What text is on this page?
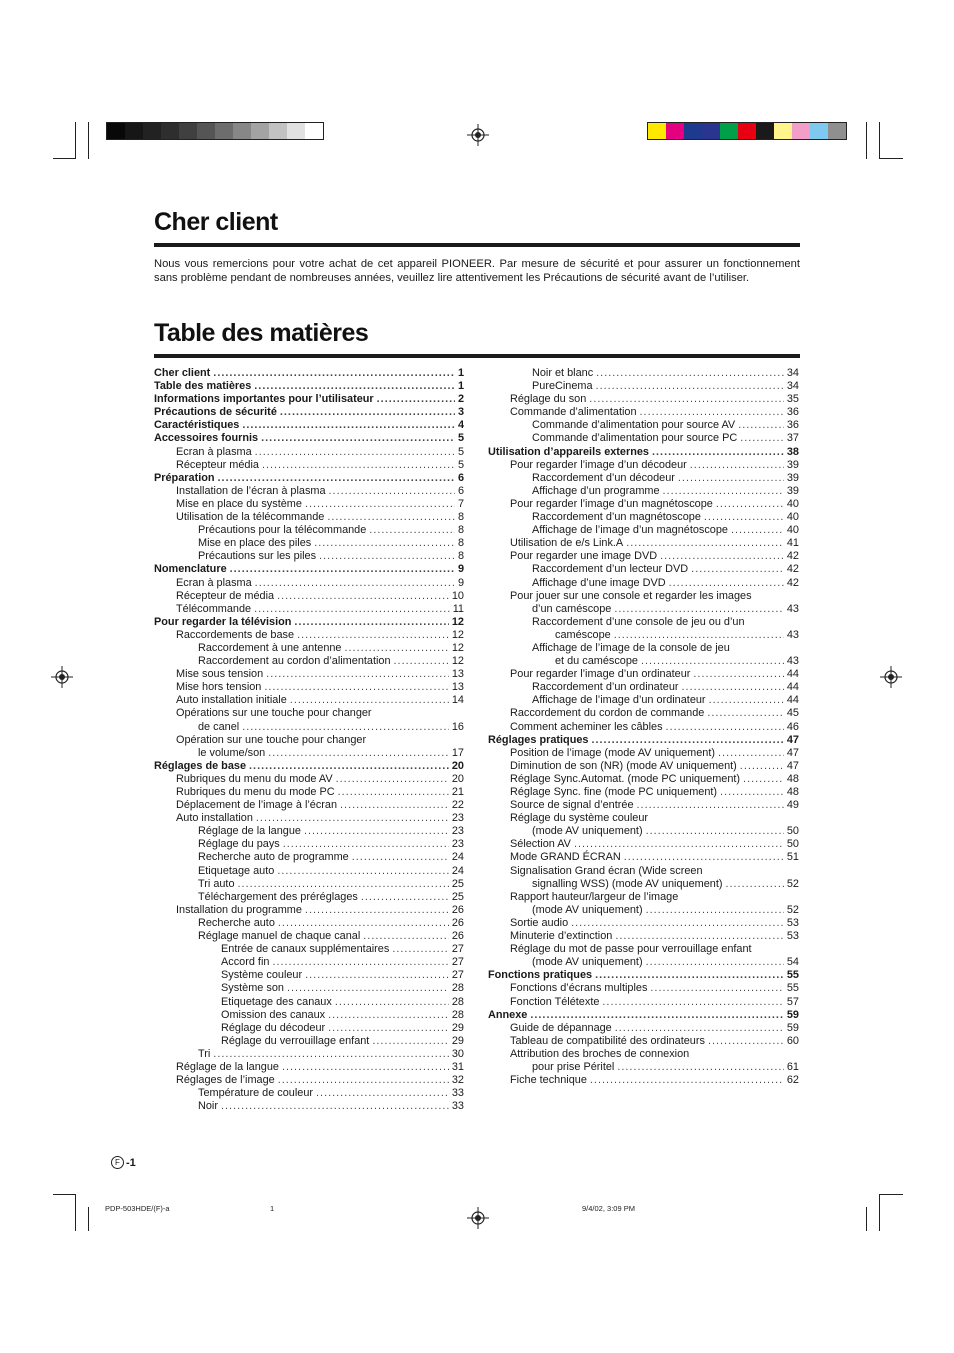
Cher client

Nous vous remercions pour votre achat de cet appareil PIONEER. Par mesure de sécurité et pour assurer un fonctionnement sans problème pendant de nombreuses années, veuillez lire attentivement les Précautions de sécurité avant de l’utiliser.

Table des matières
Cher client .....	1
Table des matières .....	1
Informations importantes pour l’utilisateur .....	2
Précautions de sécurité .....	3
Caractéristiques .....	4
Accessoires fournis .....	5
Ecran à plasma .....	5
Récepteur média .....	5
Préparation .....	6
Installation de l’écran à plasma .....	6
Mise en place du système .....	7
Utilisation de la télécommande .....	8
Précautions pour la télécommande .....	8
Mise en place des piles .....	8
Précautions sur les piles .....	8
Nomenclature .....	9
Ecran à plasma .....	9
Récepteur de média .....	10
Télécommande .....	11
Pour regarder la télévision .....	12
Raccordements de base .....	12
Raccordement à une antenne .....	12
Raccordement au cordon d’alimentation .....	12
Mise sous tension .....	13
Mise hors tension .....	13
Auto installation initiale .....	14
Opérations sur une touche pour changer
de canel .....	16
Opération sur une touche pour changer
le volume/son .....	17
Réglages de base .....	20
Rubriques du menu du mode AV .....	20
Rubriques du menu du mode PC .....	21
Déplacement de l’image à l’écran .....	22
Auto installation .....	23
Réglage de la langue .....	23
Réglage du pays .....	23
Recherche auto de programme .....	24
Etiquetage auto .....	24
Tri auto .....	25
Téléchargement des préréglages .....	25
Installation du programme .....	26
Recherche auto .....	26
Réglage manuel de chaque canal .....	26
Entrée de canaux supplémentaires .....	27
Accord fin .....	27
Système couleur .....	27
Système son .....	28
Etiquetage des canaux .....	28
Omission des canaux .....	28
Réglage du décodeur .....	29
Réglage du verrouillage enfant .....	29
Tri .....	30
Réglage de la langue .....	31
Réglages de l’image .....	32
Température de couleur .....	33
Noir .....	33
Noir et blanc .....	34
PureCinema .....	34
Réglage du son .....	35
Commande d’alimentation .....	36
Commande d’alimentation pour source AV .....	36
Commande d’alimentation pour source PC .....	37
Utilisation d’appareils externes .....	38
Pour regarder l’image d’un décodeur .....	39
Raccordement d’un décodeur .....	39
Affichage d’un programme .....	39
Pour regarder l’image d’un magnétoscope .....	40
Raccordement d’un magnétoscope .....	40
Affichage de l’image d’un magnétoscope .....	40
Utilisation de e/s Link.A .....	41
Pour regarder une image DVD .....	42
Raccordement d’un lecteur DVD .....	42
Affichage d’une image DVD .....	42
Pour jouer sur une console et regarder les images
d’un caméscope .....	43
Raccordement d’une console de jeu ou d’un
caméscope .....	43
Affichage de l’image de la console de jeu
et du caméscope .....	43
Pour regarder l’image d’un ordinateur .....	44
Raccordement d’un ordinateur .....	44
Affichage de l’image d’un ordinateur .....	44
Raccordement du cordon de commande .....	45
Comment acheminer les câbles .....	46
Réglages pratiques .....	47
Position de l’image (mode AV uniquement) .....	47
Diminution de son (NR) (mode AV uniquement) .....	47
Réglage Sync.Automat. (mode PC uniquement) .....	48
Réglage Sync. fine (mode PC uniquement) .....	48
Source de signal d’entrée .....	49
Réglage du système couleur
(mode AV uniquement) .....	50
Sélection AV .....	50
Mode GRAND ÉCRAN .....	51
Signalisation Grand écran (Wide screen
signalling WSS) (mode AV uniquement) .....	52
Rapport hauteur/largeur de l’image
(mode AV uniquement) .....	52
Sortie audio .....	53
Minuterie d’extinction .....	53
Réglage du mot de passe pour verrouillage enfant
(mode AV uniquement) .....	54
Fonctions pratiques .....	55
Fonctions d’écrans multiples .....	55
Fonction Télétexte .....	57
Annexe .....	59
Guide de dépannage .....	59
Tableau de compatibilité des ordinateurs .....	60
Attribution des broches de connexion
pour prise Péritel .....	61
Fiche technique .....	62
F -1
PDP-503HDE/(F)-a	1	9/4/02, 3:09 PM
